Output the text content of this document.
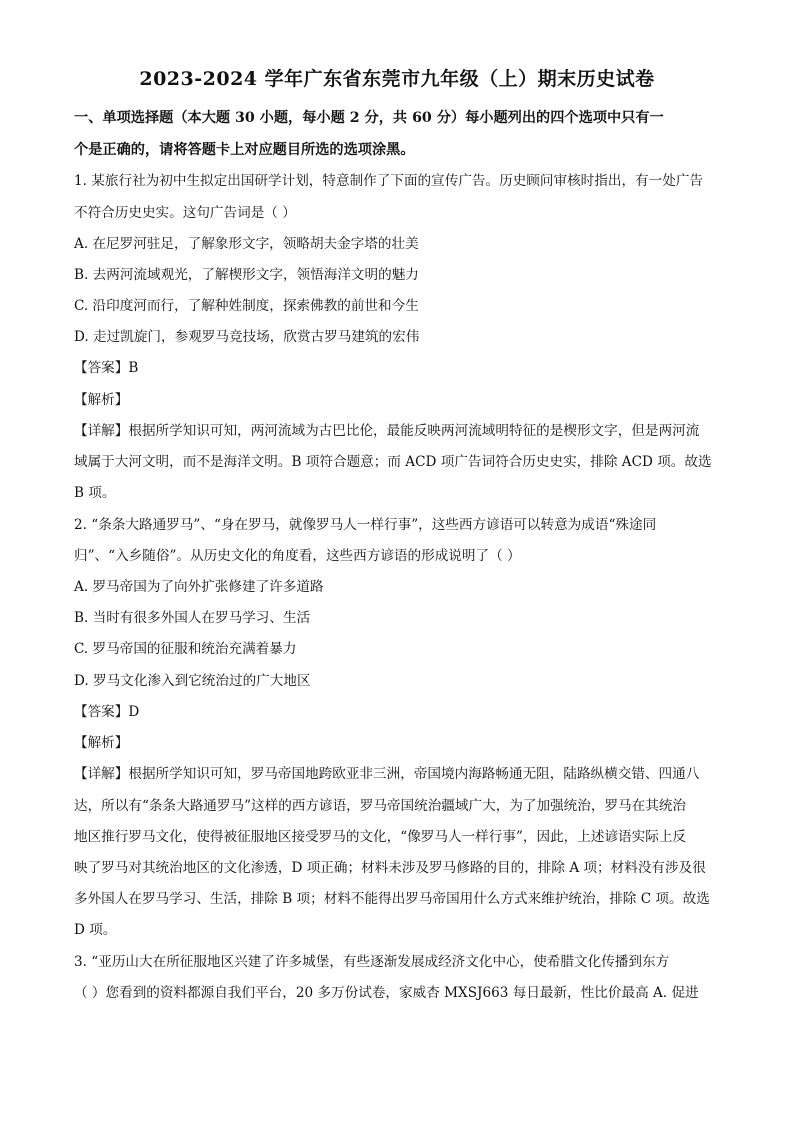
2023-2024 学年广东省东莞市九年级（上）期末历史试卷
一、单项选择题（本大题 30 小题，每小题 2 分，共 60 分）每小题列出的四个选项中只有一
个是正确的，请将答题卡上对应题目所选的选项涂黑。
1. 某旅行社为初中生拟定出国研学计划，特意制作了下面的宣传广告。历史顾问审核时指出，有一处广告
不符合历史史实。这句广告词是（ ）
A. 在尼罗河驻足，了解象形文字，领略胡夫金字塔的壮美
B. 去两河流域观光，了解楔形文字，领悟海洋文明的魅力
C. 沿印度河而行，了解种姓制度，探索佛教的前世和今生
D. 走过凯旋门，参观罗马竞技场，欣赏古罗马建筑的宏伟
【答案】B
【解析】
【详解】根据所学知识可知，两河流域为古巴比伦，最能反映两河流域明特征的是楔形文字，但是两河流
域属于大河文明，而不是海洋文明。B 项符合题意；而 ACD 项广告词符合历史史实，排除 ACD 项。故选
B 项。
2. “条条大路通罗马”、“身在罗马，就像罗马人一样行事”，这些西方谚语可以转意为成语“殊途同
归”、“入乡随俗”。从历史文化的角度看，这些西方谚语的形成说明了（ ）
A. 罗马帝国为了向外扩张修建了许多道路
B. 当时有很多外国人在罗马学习、生活
C. 罗马帝国的征服和统治充满着暴力
D. 罗马文化渗入到它统治过的广大地区
【答案】D
【解析】
【详解】根据所学知识可知，罗马帝国地跨欧亚非三洲，帝国境内海路畅通无阻，陆路纵横交错、四通八
达，所以有“条条大路通罗马”这样的西方谚语，罗马帝国统治疆域广大，为了加强统治，罗马在其统治
地区推行罗马文化，使得被征服地区接受罗马的文化，“像罗马人一样行事”，因此，上述谚语实际上反
映了罗马对其统治地区的文化渗透，D 项正确；材料未涉及罗马修路的目的，排除 A 项；材料没有涉及很
多外国人在罗马学习、生活，排除 B 项；材料不能得出罗马帝国用什么方式来维护统治，排除 C 项。故选
D 项。
3. “亚历山大在所征服地区兴建了许多城堡，有些逐渐发展成经济文化中心，使希腊文化传播到东方
（ ）您看到的资料都源自我们平台，20 多万份试卷，家威杏 MXSJ663 每日最新，性比价最高 A. 促进
